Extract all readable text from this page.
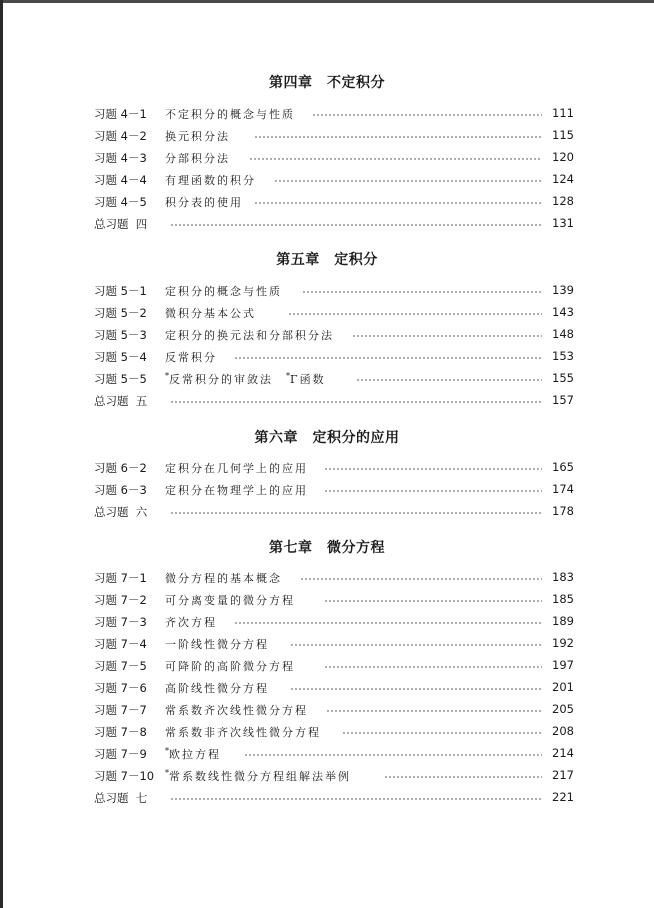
第四章　不定积分
习题 4－1 不定积分的概念与性质	111
习题 4－2 换元积分法	115
习题 4－3 分部积分法	120
习题 4－4 有理函数的积分	124
习题 4－5 积分表的使用	128
总习题  四	131
第五章　定积分
习题 5－1 定积分的概念与性质	139
习题 5－2 微积分基本公式	143
习题 5－3 定积分的换元法和分部积分法	148
习题 5－4 反常积分	153
习题 5－5 *反常积分的审敛法　*Γ函数	155
总习题  五	157
第六章　定积分的应用
习题 6－2 定积分在几何学上的应用	165
习题 6－3 定积分在物理学上的应用	174
总习题  六	178
第七章　微分方程
习题 7－1 微分方程的基本概念	183
习题 7－2 可分离变量的微分方程	185
习题 7－3 齐次方程	189
习题 7－4 一阶线性微分方程	192
习题 7－5 可降阶的高阶微分方程	197
习题 7－6 高阶线性微分方程	201
习题 7－7 常系数齐次线性微分方程	205
习题 7－8 常系数非齐次线性微分方程	208
习题 7－9 *欧拉方程	214
习题 7－10 *常系数线性微分方程组解法举例	217
总习题  七	221
